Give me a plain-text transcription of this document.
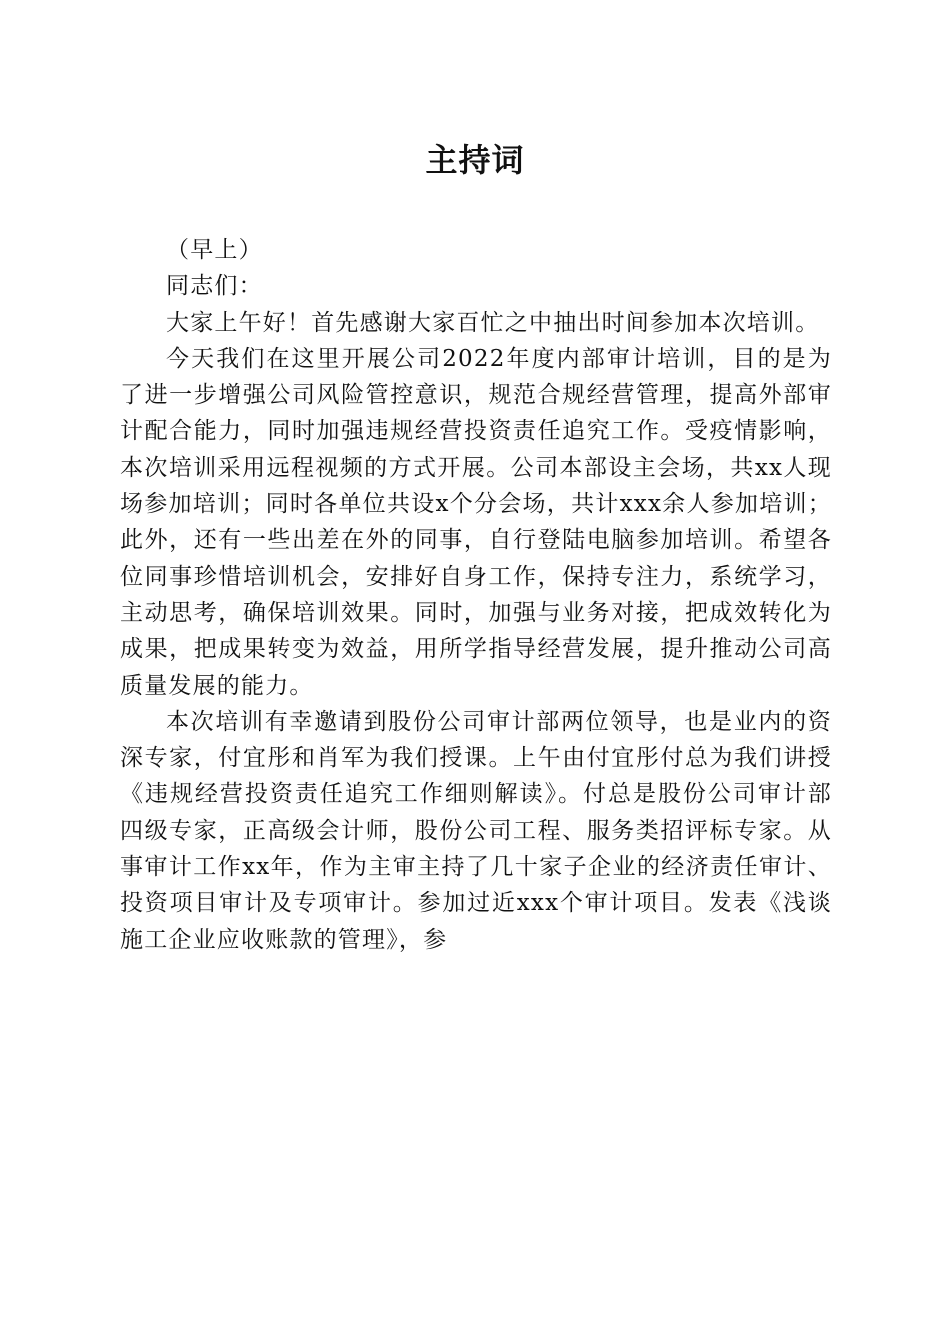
主持词

（早上）

同志们：

大家上午好！首先感谢大家百忙之中抽出时间参加本次培训。

今天我们在这里开展公司2022年度内部审计培训，目的是为了进一步增强公司风险管控意识，规范合规经营管理，提高外部审计配合能力，同时加强违规经营投资责任追究工作。受疫情影响，本次培训采用远程视频的方式开展。公司本部设主会场，共xx人现场参加培训；同时各单位共设x个分会场，共计xxx余人参加培训；此外，还有一些出差在外的同事，自行登陆电脑参加培训。希望各位同事珍惜培训机会，安排好自身工作，保持专注力，系统学习，主动思考，确保培训效果。同时，加强与业务对接，把成效转化为成果，把成果转变为效益，用所学指导经营发展，提升推动公司高质量发展的能力。

本次培训有幸邀请到股份公司审计部两位领导，也是业内的资深专家，付宜彤和肖军为我们授课。上午由付宜彤付总为我们讲授《违规经营投资责任追究工作细则解读》。付总是股份公司审计部四级专家，正高级会计师，股份公司工程、服务类招评标专家。从事审计工作xx年，作为主审主持了几十家子企业的经济责任审计、投资项目审计及专项审计。参加过近xxx个审计项目。发表《浅谈施工企业应收账款的管理》，参
